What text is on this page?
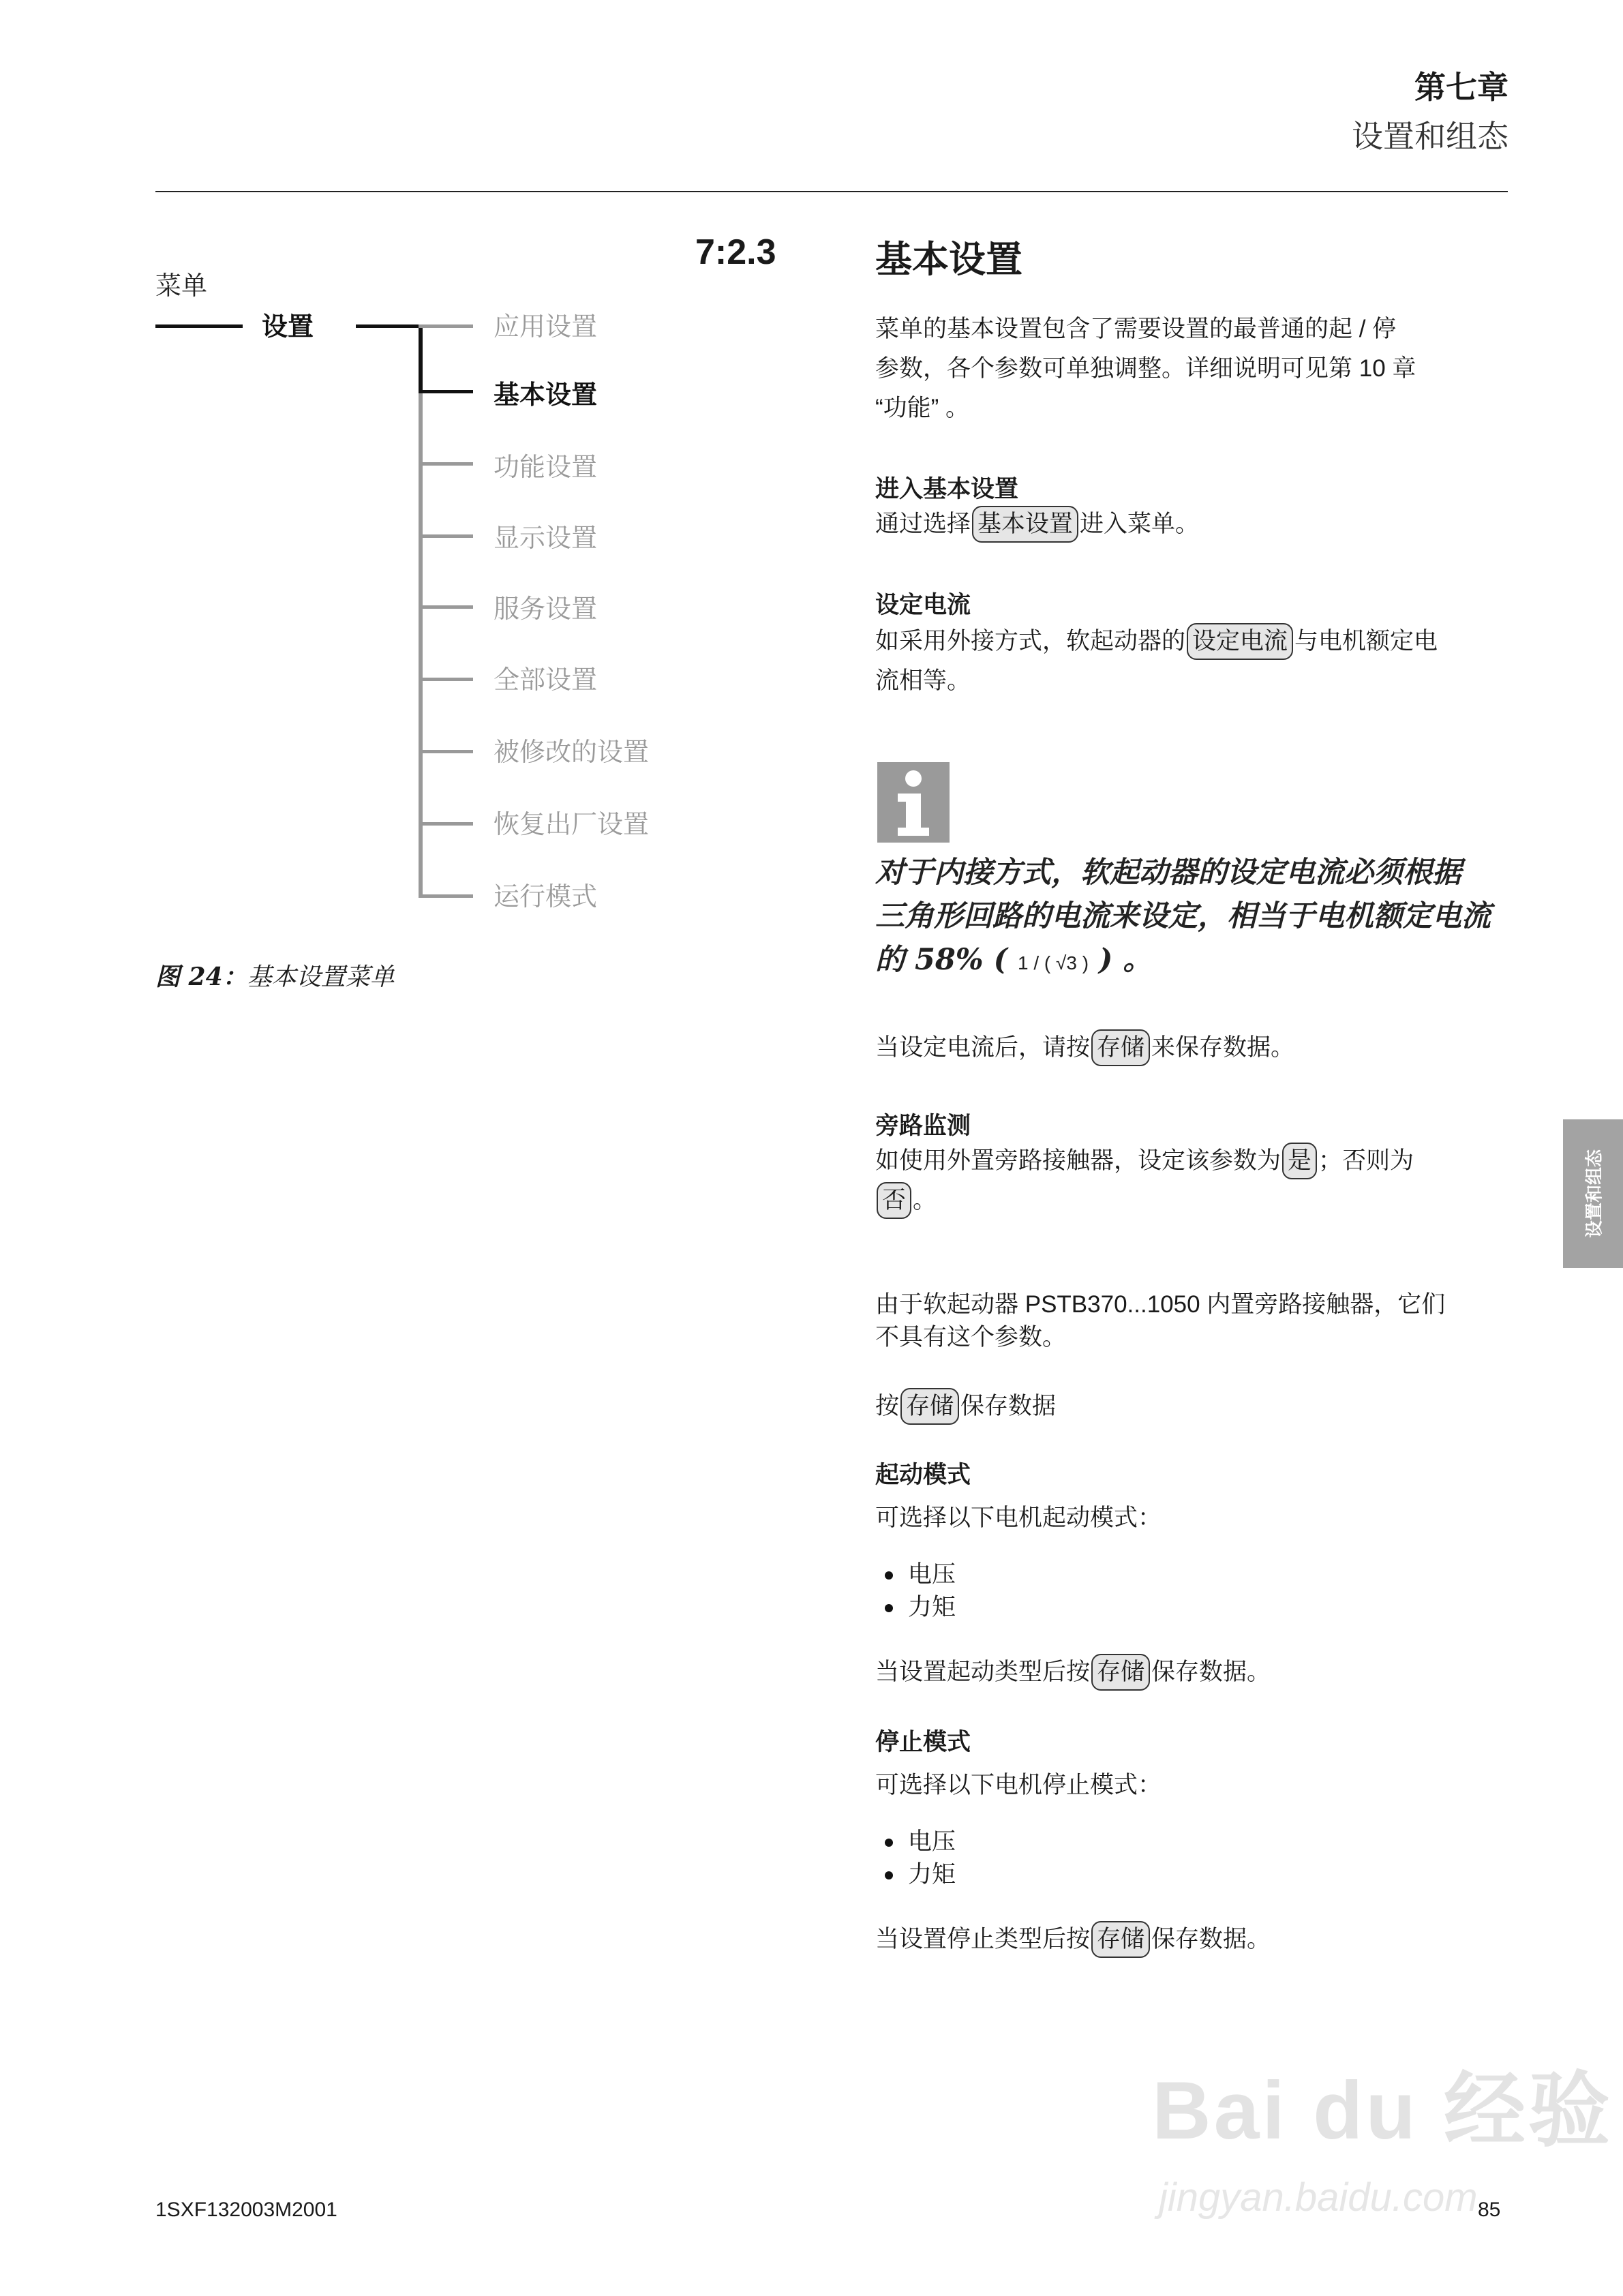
第七章
设置和组态
菜单
设置	应用设置
基本设置
功能设置
显示设置
服务设置
全部设置
被修改的设置
恢复出厂设置
运行模式
图 24：基本设置菜单
7:2.3	基本设置
菜单的基本设置包含了需要设置的最普通的起 / 停
参数，各个参数可单独调整。详细说明可见第 10 章
“功能” 。
进入基本设置
通过选择 基本设置 进入菜单。
设定电流
如采用外接方式，软起动器的 设定电流 与电机额定电
流相等。
对于内接方式，软起动器的设定电流必须根据
三角形回路的电流来设定，相当于电机额定电流
的 58% ( 1 / ( √3 ) ) 。
当设定电流后，请按 存储 来保存数据。
旁路监测
如使用外置旁路接触器，设定该参数为 是 ；否则为
否 。
由于软起动器 PSTB370...1050 内置旁路接触器，它们
不具有这个参数。
按 存储 保存数据
起动模式
可选择以下电机起动模式：
电压
力矩
当设置起动类型后按 存储 保存数据。
停止模式
可选择以下电机停止模式：
电压
力矩
当设置停止类型后按 存储 保存数据。
设置和组态
Bai du 经验
jingyan.baidu.com
1SXF132003M2001	85
